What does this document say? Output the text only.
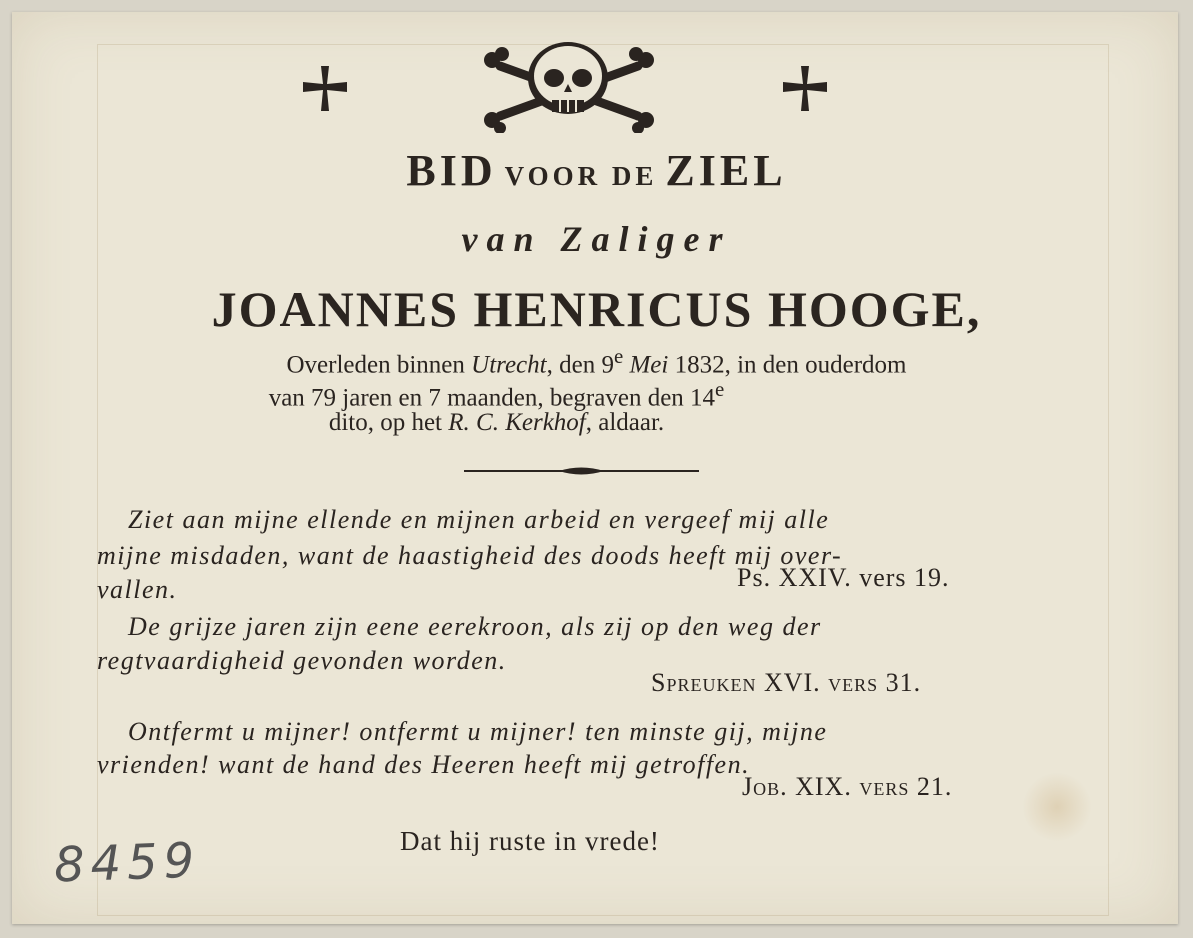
BID VOOR DE ZIEL
van Zaliger
JOANNES HENRICUS HOOGE,
Overleden binnen Utrecht, den 9e Mei 1832, in den ouderdom
van 79 jaren en 7 maanden, begraven den 14e
dito, op het R. C. Kerkhof, aldaar.
Ziet aan mijne ellende en mijnen arbeid en vergeef mij alle
mijne misdaden, want de haastigheid des doods heeft mij over-
vallen.	Ps. XXIV. vers 19.
De grijze jaren zijn eene eerekroon, als zij op den weg der
regtvaardigheid gevonden worden.
Spreuken XVI. vers 31.
Ontfermt u mijner! ontfermt u mijner! ten minste gij, mijne
vrienden! want de hand des Heeren heeft mij getroffen.
Job. XIX. vers 21.
Dat hij ruste in vrede!
8459
